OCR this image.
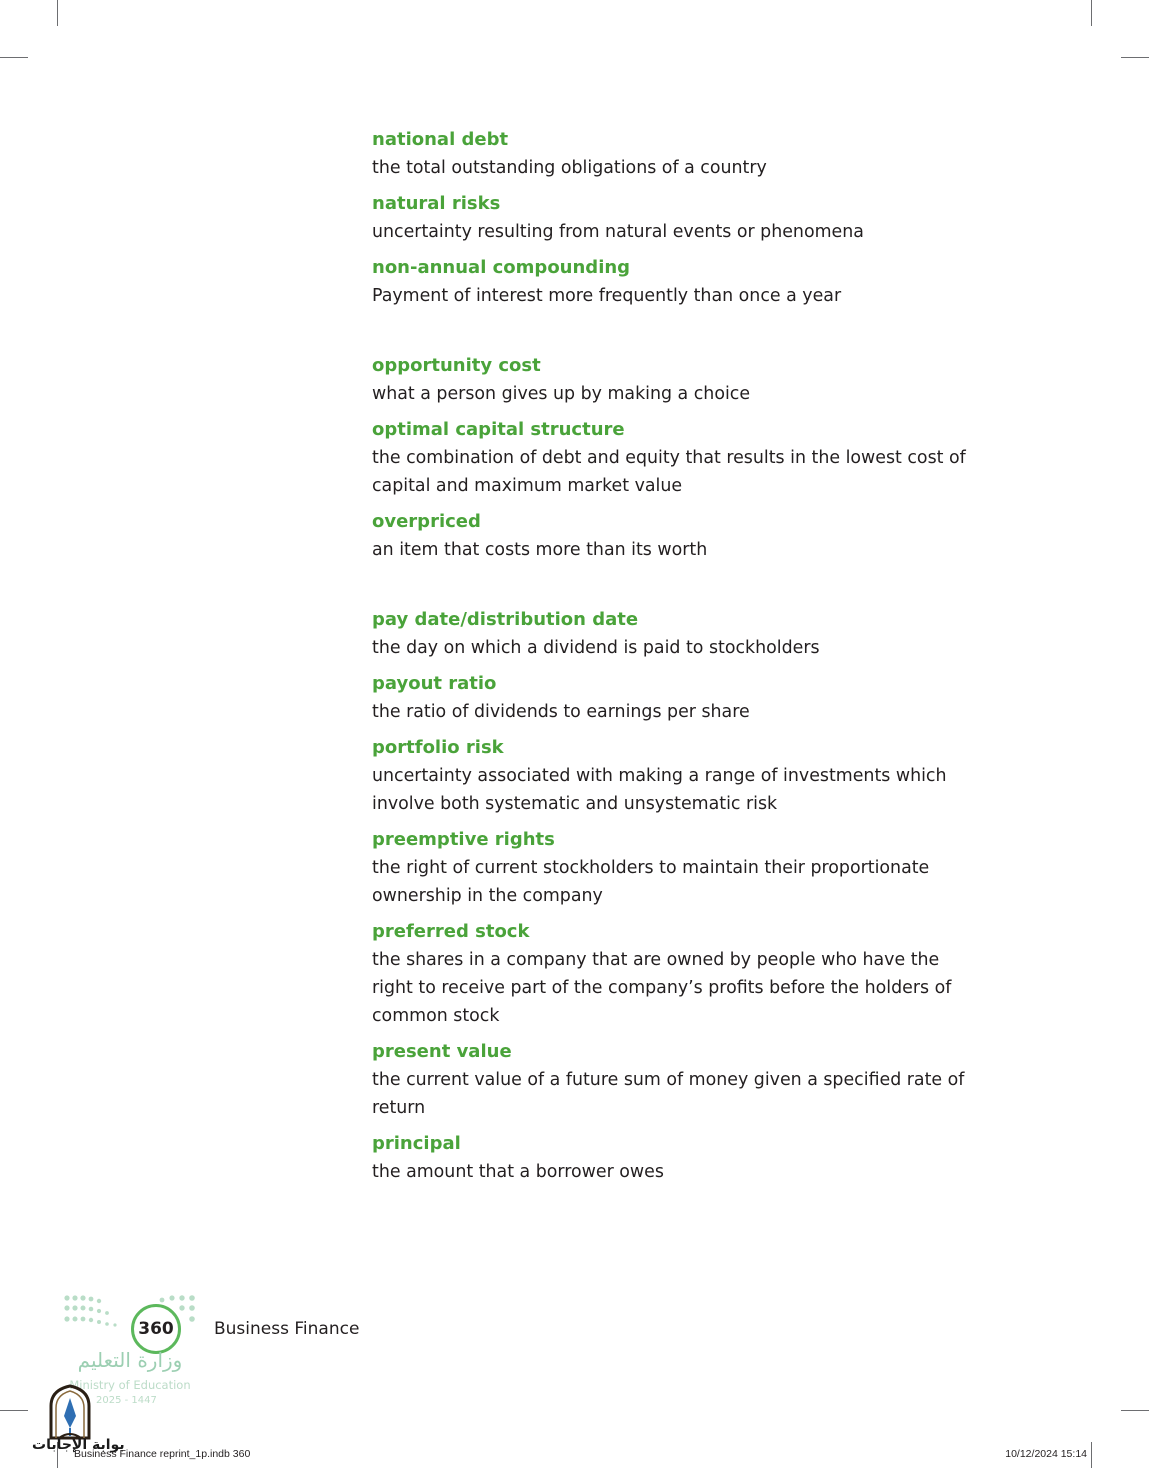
national debt
the total outstanding obligations of a country
natural risks
uncertainty resulting from natural events or phenomena
non-annual compounding
Payment of interest more frequently than once a year
opportunity cost
what a person gives up by making a choice
optimal capital structure
the combination of debt and equity that results in the lowest cost of capital and maximum market value
overpriced
an item that costs more than its worth
pay date/distribution date
the day on which a dividend is paid to stockholders
payout ratio
the ratio of dividends to earnings per share
portfolio risk
uncertainty associated with making a range of investments which involve both systematic and unsystematic risk
preemptive rights
the right of current stockholders to maintain their proportionate ownership in the company
preferred stock
the shares in a company that are owned by people who have the right to receive part of the company’s profits before the holders of common stock
present value
the current value of a future sum of money given a specified rate of return
principal
the amount that a borrower owes
360 Business Finance
وزارة التعليم
Ministry of Education
2025 - 1447
بوابة الإجابات
Business Finance reprint_1p.indb 360	10/12/2024 15:14
